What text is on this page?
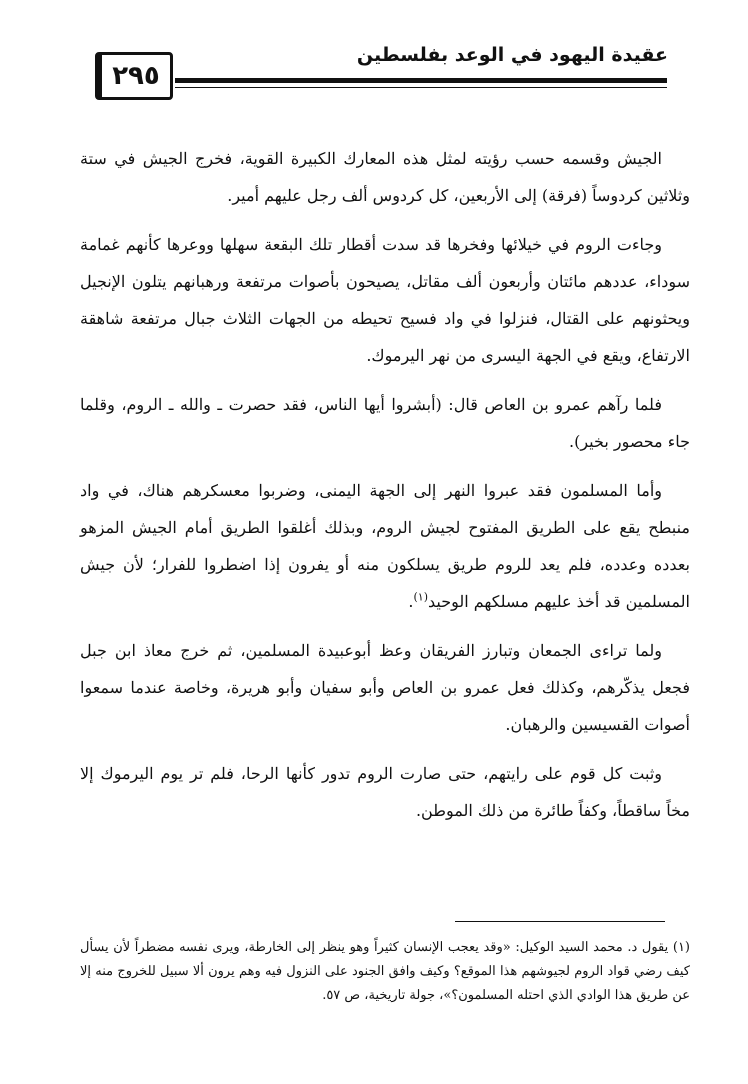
٢٩٥
عقيدة اليهود في الوعد بفلسطين

الجيش وقسمه حسب رؤيته لمثل هذه المعارك الكبيرة القوية، فخرج الجيش في ستة وثلاثين كردوساً (فرقة) إلى الأربعين، كل كردوس ألف رجل عليهم أمير.

وجاءت الروم في خيلائها وفخرها قد سدت أقطار تلك البقعة سهلها ووعرها كأنهم غمامة سوداء، عددهم مائتان وأربعون ألف مقاتل، يصيحون بأصوات مرتفعة ورهبانهم يتلون الإنجيل ويحثونهم على القتال، فنزلوا في واد فسيح تحيطه من الجهات الثلاث جبال مرتفعة شاهقة الارتفاع، ويقع في الجهة اليسرى من نهر اليرموك.

فلما رآهم عمرو بن العاص قال: (أبشروا أيها الناس، فقد حصرت ـ والله ـ الروم، وقلما جاء محصور بخير).

وأما المسلمون فقد عبروا النهر إلى الجهة اليمنى، وضربوا معسكرهم هناك، في واد منبطح يقع على الطريق المفتوح لجيش الروم، وبذلك أغلقوا الطريق أمام الجيش المزهو بعدده وعدده، فلم يعد للروم طريق يسلكون منه أو يفرون إذا اضطروا للفرار؛ لأن جيش المسلمين قد أخذ عليهم مسلكهم الوحيد$^{(١)}$.

ولما تراءى الجمعان وتبارز الفريقان وعظ أبوعبيدة المسلمين، ثم خرج معاذ ابن جبل فجعل يذكّرهم، وكذلك فعل عمرو بن العاص وأبو سفيان وأبو هريرة، وخاصة عندما سمعوا أصوات القسيسين والرهبان.

وثبت كل قوم على رايتهم، حتى صارت الروم تدور كأنها الرحا، فلم تر يوم اليرموك إلا مخاً ساقطاً، وكفاً طائرة من ذلك الموطن.

(١) يقول د. محمد السيد الوكيل: «وقد يعجب الإنسان كثيراً وهو ينظر إلى الخارطة، ويرى نفسه مضطراً لأن يسأل كيف رضي قواد الروم لجيوشهم هذا الموقع؟ وكيف وافق الجنود على النزول فيه وهم يرون ألا سبيل للخروج منه إلا عن طريق هذا الوادي الذي احتله المسلمون؟»، جولة تاريخية، ص ٥٧.
